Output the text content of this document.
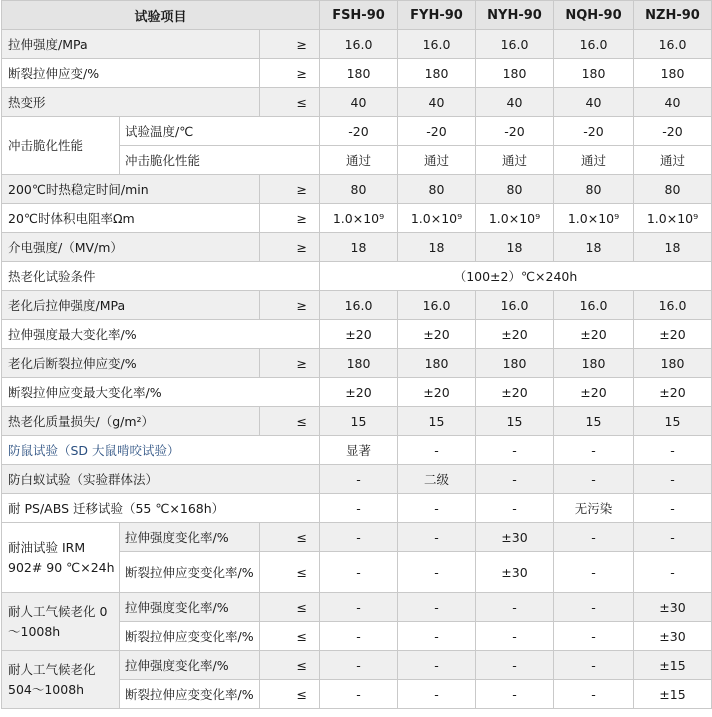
试验项目			FSH-90	FYH-90	NYH-90	NQH-90	NZH-90
拉伸强度/MPa		≥	16.0	16.0	16.0	16.0	16.0
断裂拉伸应变/%		≥	180	180	180	180	180
热变形		≤	40	40	40	40	40
冲击脆化性能	试验温度/℃		-20	-20	-20	-20	-20
	冲击脆化性能		通过	通过	通过	通过	通过
200℃时热稳定时间/min		≥	80	80	80	80	80
20℃时体积电阻率Ωm		≥	1.0×10⁹	1.0×10⁹	1.0×10⁹	1.0×10⁹	1.0×10⁹
介电强度/（MV/m）		≥	18	18	18	18	18
热老化试验条件			（100±2）℃×240h				
老化后拉伸强度/MPa		≥	16.0	16.0	16.0	16.0	16.0
拉伸强度最大变化率/%			±20	±20	±20	±20	±20
老化后断裂拉伸应变/%		≥	180	180	180	180	180
断裂拉伸应变最大变化率/%			±20	±20	±20	±20	±20
热老化质量损失/（g/m²）		≤	15	15	15	15	15
防鼠试验（SD 大鼠啃咬试验）			显著	-	-	-	-
防白蚁试验（实验群体法）			-	二级	-	-	-
耐 PS/ABS 迁移试验（55 ℃×168h）			-	-	-	无污染	-
耐油试验 IRM 902# 90 ℃×24h	拉伸强度变化率/%	≤	-	-	±30	-	-
	断裂拉伸应变变化率/%	≤	-	-	±30	-	-
耐人工气候老化 0～1008h	拉伸强度变化率/%	≤	-	-	-	-	±30
	断裂拉伸应变变化率/%	≤	-	-	-	-	±30
耐人工气候老化 504～1008h	拉伸强度变化率/%	≤	-	-	-	-	±15
	断裂拉伸应变变化率/%	≤	-	-	-	-	±15
